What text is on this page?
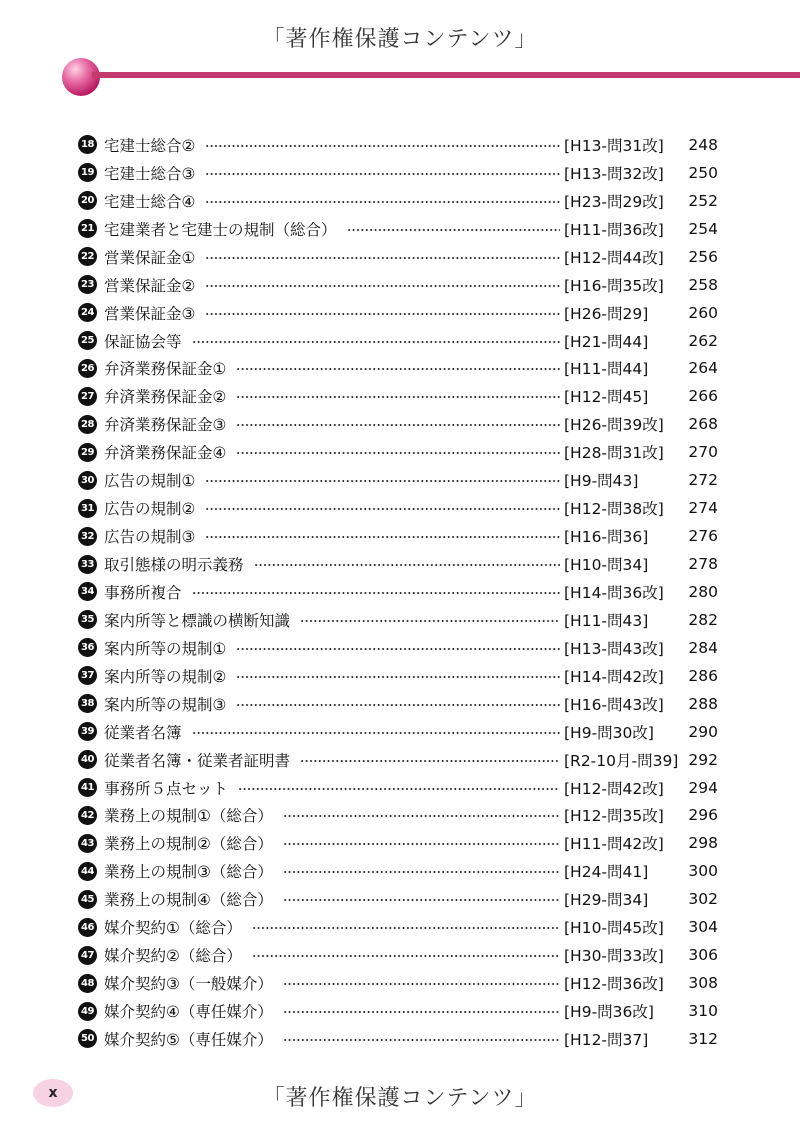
「著作権保護コンテンツ」
18 宅建士総合②	[H13-問31改]	248
19 宅建士総合③	[H13-問32改]	250
20 宅建士総合④	[H23-問29改]	252
21 宅建業者と宅建士の規制（総合）	[H11-問36改]	254
22 営業保証金①	[H12-問44改]	256
23 営業保証金②	[H16-問35改]	258
24 営業保証金③	[H26-問29]	260
25 保証協会等	[H21-問44]	262
26 弁済業務保証金①	[H11-問44]	264
27 弁済業務保証金②	[H12-問45]	266
28 弁済業務保証金③	[H26-問39改]	268
29 弁済業務保証金④	[H28-問31改]	270
30 広告の規制①	[H9-問43]	272
31 広告の規制②	[H12-問38改]	274
32 広告の規制③	[H16-問36]	276
33 取引態様の明示義務	[H10-問34]	278
34 事務所複合	[H14-問36改]	280
35 案内所等と標識の横断知識	[H11-問43]	282
36 案内所等の規制①	[H13-問43改]	284
37 案内所等の規制②	[H14-問42改]	286
38 案内所等の規制③	[H16-問43改]	288
39 従業者名簿	[H9-問30改]	290
40 従業者名簿・従業者証明書	[R2-10月-問39] 292
41 事務所５点セット	[H12-問42改]	294
42 業務上の規制①（総合）	[H12-問35改]	296
43 業務上の規制②（総合）	[H11-問42改]	298
44 業務上の規制③（総合）	[H24-問41]	300
45 業務上の規制④（総合）	[H29-問34]	302
46 媒介契約①（総合）	[H10-問45改]	304
47 媒介契約②（総合）	[H30-問33改]	306
48 媒介契約③（一般媒介）	[H12-問36改]	308
49 媒介契約④（専任媒介）	[H9-問36改]	310
50 媒介契約⑤（専任媒介）	[H12-問37]	312
x	「著作権保護コンテンツ」
